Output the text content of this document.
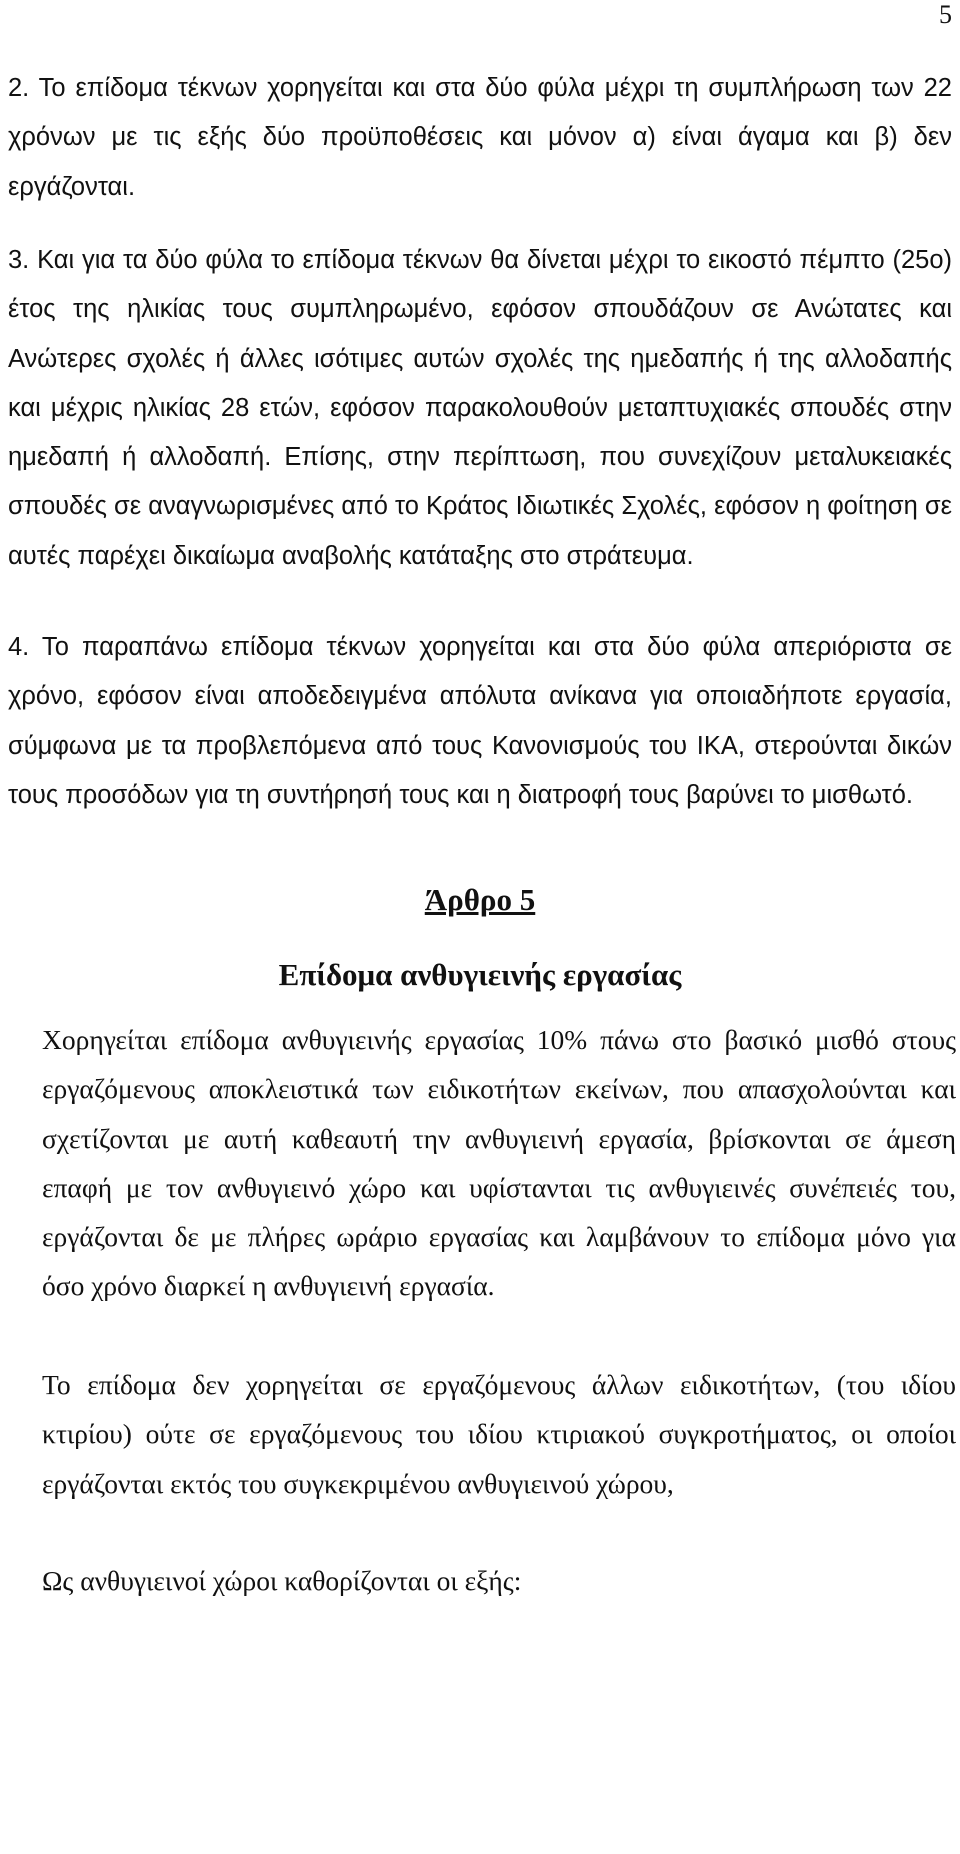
5
2. Το επίδομα τέκνων χορηγείται και στα δύο φύλα μέχρι τη συμπλήρωση των 22 χρόνων με τις εξής δύο προϋποθέσεις και μόνον α) είναι άγαμα και β) δεν εργάζονται.
3. Και για τα δύο φύλα το επίδομα τέκνων θα δίνεται μέχρι το εικοστό πέμπτο (25ο) έτος της ηλικίας τους συμπληρωμένο, εφόσον σπουδάζουν σε Ανώτατες και Ανώτερες σχολές ή άλλες ισότιμες αυτών σχολές της ημεδαπής ή της αλλοδαπής και μέχρις ηλικίας 28 ετών, εφόσον παρακολουθούν μεταπτυχιακές σπουδές στην ημεδαπή ή αλλοδαπή. Επίσης, στην περίπτωση, που συνεχίζουν μεταλυκειακές σπουδές σε αναγνωρισμένες από το Κράτος Ιδιωτικές Σχολές, εφόσον η φοίτηση σε αυτές παρέχει δικαίωμα αναβολής κατάταξης στο στράτευμα.
4. Το παραπάνω επίδομα τέκνων χορηγείται και στα δύο φύλα απεριόριστα σε χρόνο, εφόσον είναι αποδεδειγμένα απόλυτα ανίκανα για οποιαδήποτε εργασία, σύμφωνα με τα προβλεπόμενα από τους Κανονισμούς του ΙΚΑ, στερούνται δικών τους προσόδων για τη συντήρησή τους και η διατροφή τους βαρύνει το μισθωτό.
Άρθρο 5
Επίδομα ανθυγιεινής εργασίας
Χορηγείται επίδομα ανθυγιεινής εργασίας 10% πάνω στο βασικό μισθό στους εργαζόμενους αποκλειστικά των ειδικοτήτων εκείνων, που απασχολούνται και σχετίζονται με αυτή καθεαυτή την ανθυγιεινή εργασία, βρίσκονται σε άμεση επαφή με τον ανθυγιεινό χώρο και υφίστανται τις ανθυγιεινές συνέπειές του, εργάζονται δε με πλήρες ωράριο εργασίας και λαμβάνουν το επίδομα μόνο για όσο χρόνο διαρκεί η ανθυγιεινή εργασία.
Το επίδομα δεν χορηγείται σε εργαζόμενους άλλων ειδικοτήτων, (του ιδίου κτιρίου) ούτε σε εργαζόμενους του ιδίου κτιριακού συγκροτήματος, οι οποίοι εργάζονται εκτός του συγκεκριμένου ανθυγιεινού χώρου,
Ως ανθυγιεινοί χώροι καθορίζονται οι εξής:
